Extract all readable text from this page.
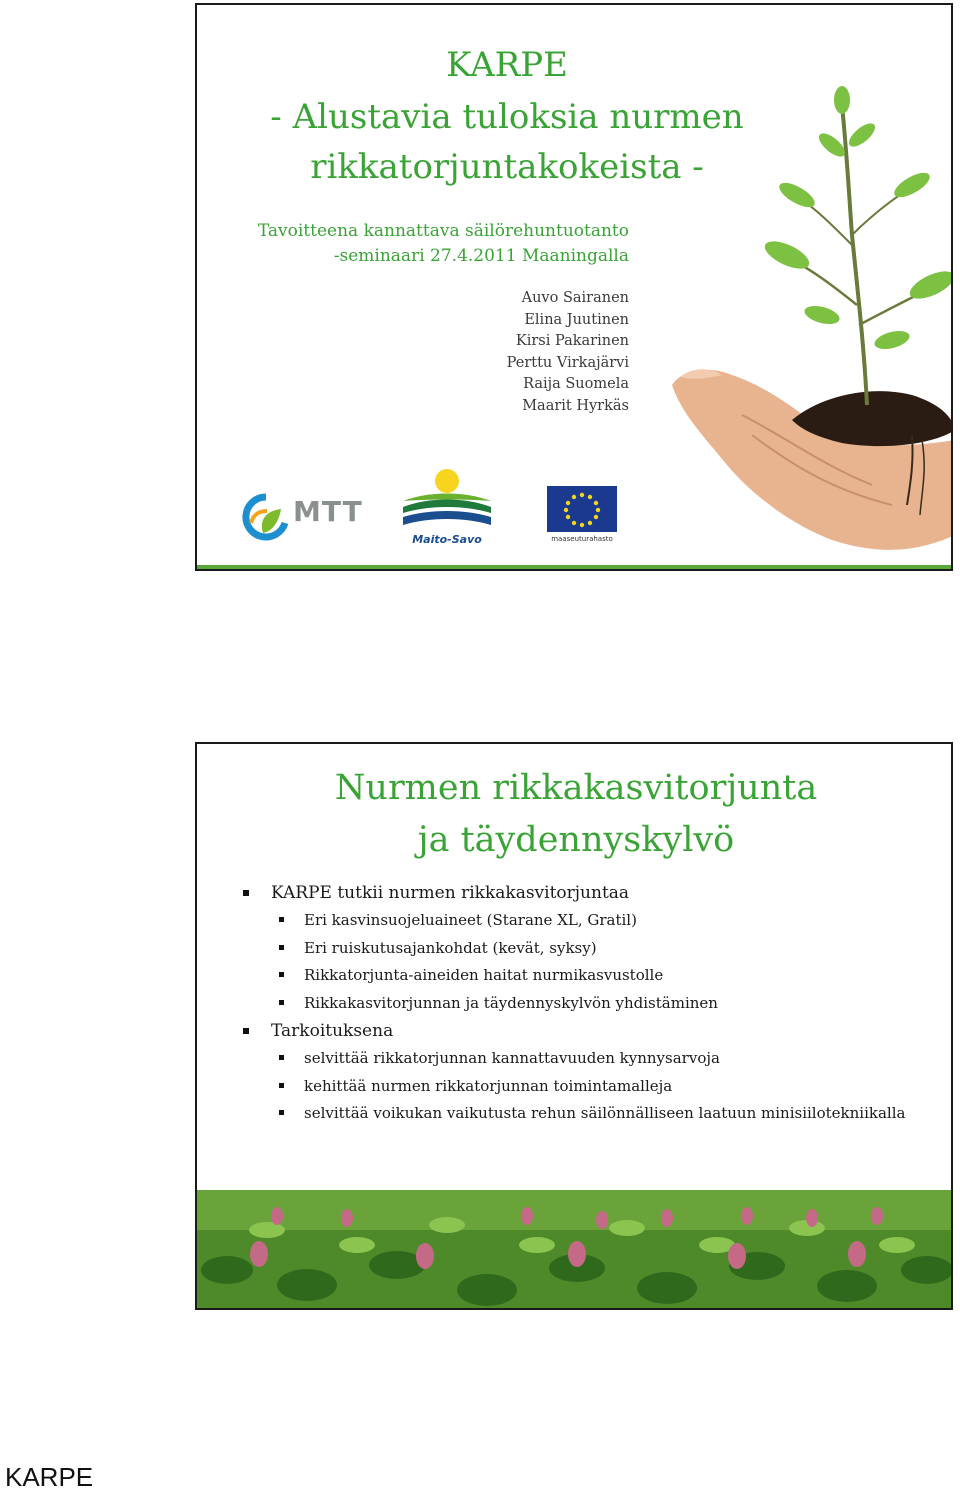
KARPE
- Alustavia tuloksia nurmen
rikkatorjuntakokeista -
Tavoitteena kannattava säilörehuntuotanto
-seminaari 27.4.2011 Maaningalla
Auvo Sairanen
Elina Juutinen
Kirsi Pakarinen
Perttu Virkajärvi
Raija Suomela
Maarit Hyrkäs
MTT
Maito-Savo	maaseuturahasto
Nurmen rikkakasvitorjunta
ja täydennyskylvö
KARPE tutkii nurmen rikkakasvitorjuntaa
Eri kasvinsuojeluaineet (Starane XL, Gratil)
Eri ruiskutusajankohdat (kevät, syksy)
Rikkatorjunta-aineiden haitat nurmikasvustolle
Rikkakasvitorjunnan ja täydennyskylvön yhdistäminen
Tarkoituksena
selvittää rikkatorjunnan kannattavuuden kynnysarvoja
kehittää nurmen rikkatorjunnan toimintamalleja
selvittää voikukan vaikutusta rehun säilönnälliseen laatuun minisiilotekniikalla
KARPE
